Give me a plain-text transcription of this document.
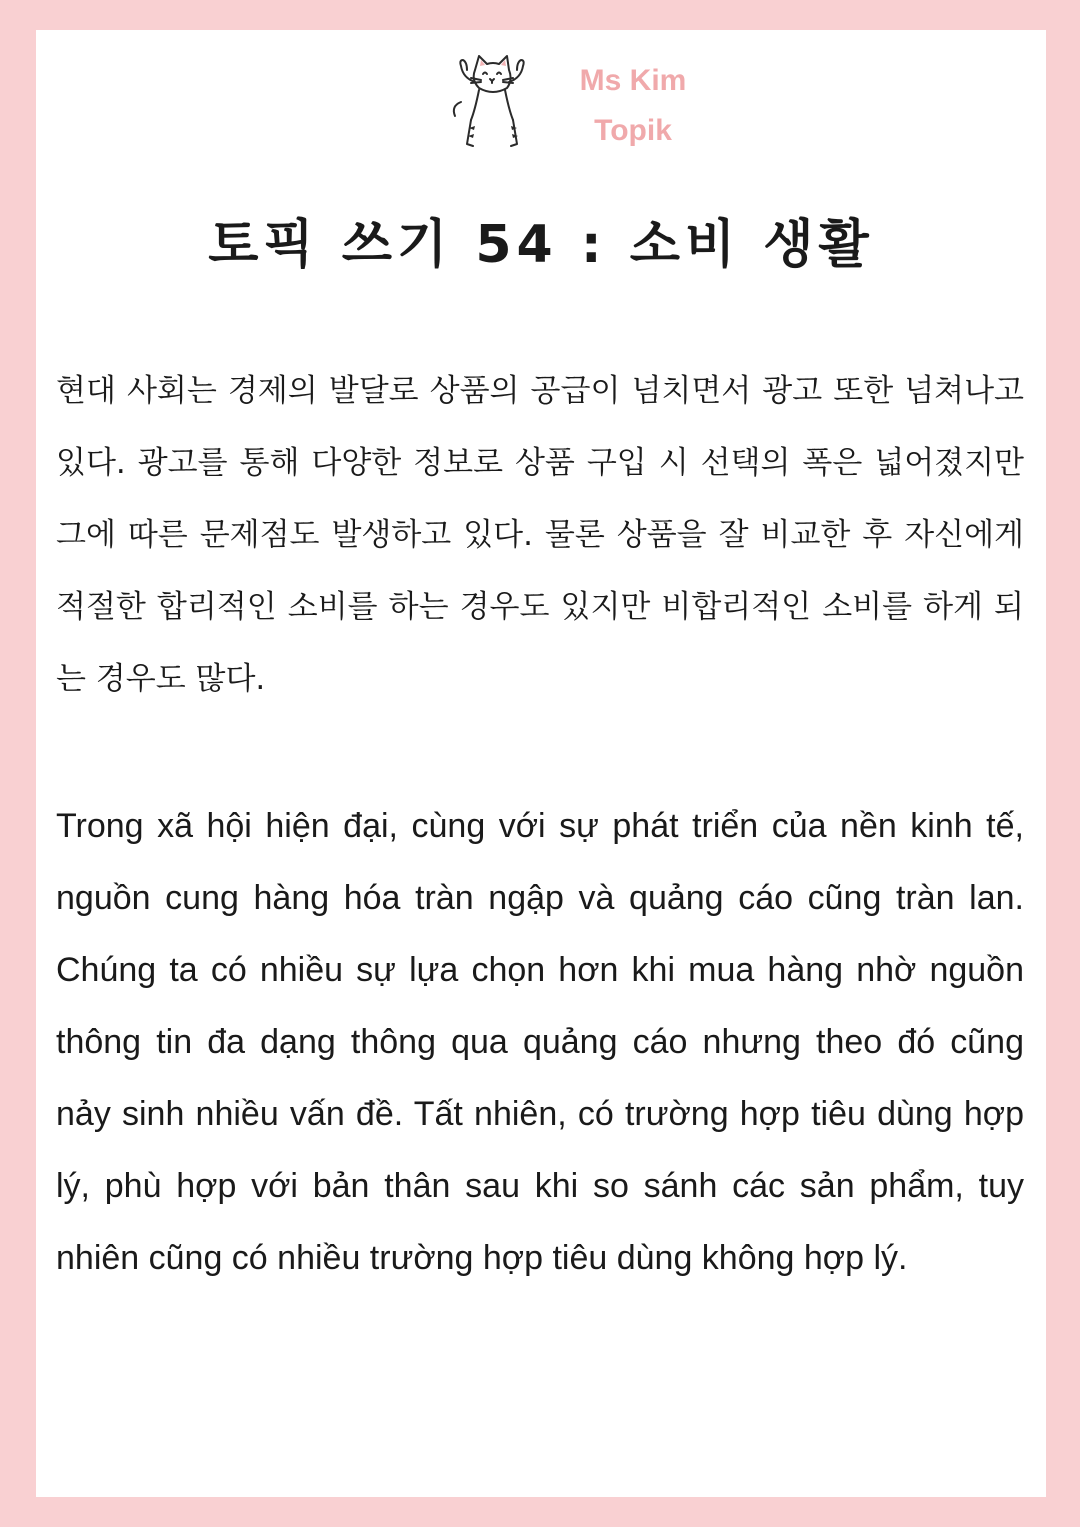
Ms Kim
Topik
토픽 쓰기 54 : 소비 생활

현대 사회는 경제의 발달로 상품의 공급이 넘치면서 광고 또한 넘쳐나고 있다. 광고를 통해 다양한 정보로 상품 구입 시 선택의 폭은 넓어졌지만 그에 따른 문제점도 발생하고 있다. 물론 상품을 잘 비교한 후 자신에게 적절한 합리적인 소비를 하는 경우도 있지만 비합리적인 소비를 하게 되는 경우도 많다.

Trong xã hội hiện đại, cùng với sự phát triển của nền kinh tế, nguồn cung hàng hóa tràn ngập và quảng cáo cũng tràn lan. Chúng ta có nhiều sự lựa chọn hơn khi mua hàng nhờ nguồn thông tin đa dạng thông qua quảng cáo nhưng theo đó cũng nảy sinh nhiều vấn đề. Tất nhiên, có trường hợp tiêu dùng hợp lý, phù hợp với bản thân sau khi so sánh các sản phẩm, tuy nhiên cũng có nhiều trường hợp tiêu dùng không hợp lý.
